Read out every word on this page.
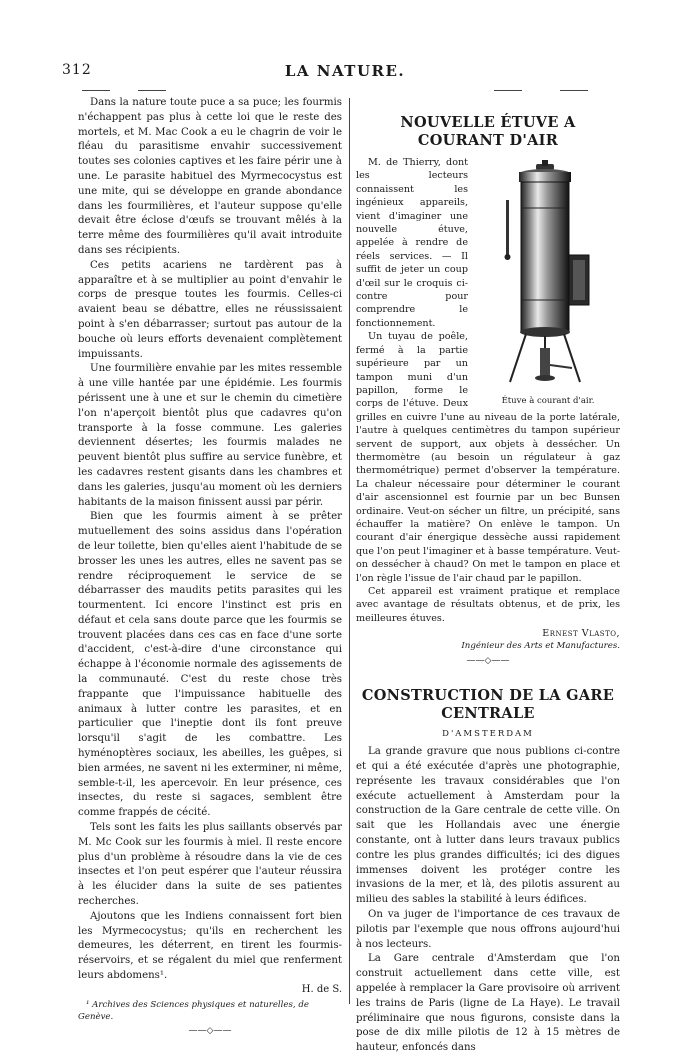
312	LA NATURE.

Dans la nature toute puce a sa puce; les fourmis n'échappent pas plus à cette loi que le reste des mortels, et M. Mac Cook a eu le chagrin de voir le fléau du parasitisme envahir successivement toutes ses colonies captives et les faire périr une à une. Le parasite habituel des Myrmecocystus est une mite, qui se développe en grande abondance dans les fourmilières, et l'auteur suppose qu'elle devait être éclose d'œufs se trouvant mêlés à la terre même des fourmilières qu'il avait introduite dans ses récipients.

Ces petits acariens ne tardèrent pas à apparaître et à se multiplier au point d'envahir le corps de presque toutes les fourmis. Celles-ci avaient beau se débattre, elles ne réussissaient point à s'en débarrasser; surtout pas autour de la bouche où leurs efforts devenaient complètement impuissants.

Une fourmilière envahie par les mites ressemble à une ville hantée par une épidémie. Les fourmis périssent une à une et sur le chemin du cimetière l'on n'aperçoit bientôt plus que cadavres qu'on transporte à la fosse commune. Les galeries deviennent désertes; les fourmis malades ne peuvent bientôt plus suffire au service funèbre, et les cadavres restent gisants dans les chambres et dans les galeries, jusqu'au moment où les derniers habitants de la maison finissent aussi par périr.

Bien que les fourmis aiment à se prêter mutuellement des soins assidus dans l'opération de leur toilette, bien qu'elles aient l'habitude de se brosser les unes les autres, elles ne savent pas se rendre réciproquement le service de se débarrasser des maudits petits parasites qui les tourmentent. Ici encore l'instinct est pris en défaut et cela sans doute parce que les fourmis se trouvent placées dans ces cas en face d'une sorte d'accident, c'est-à-dire d'une circonstance qui échappe à l'économie normale des agissements de la communauté. C'est du reste chose très frappante que l'impuissance habituelle des animaux à lutter contre les parasites, et en particulier que l'ineptie dont ils font preuve lorsqu'il s'agit de les combattre. Les hyménoptères sociaux, les abeilles, les guêpes, si bien armées, ne savent ni les exterminer, ni même, semble-t-il, les apercevoir. En leur présence, ces insectes, du reste si sagaces, semblent être comme frappés de cécité.

Tels sont les faits les plus saillants observés par M. Mc Cook sur les fourmis à miel. Il reste encore plus d'un problème à résoudre dans la vie de ces insectes et l'on peut espérer que l'auteur réussira à les élucider dans la suite de ses patientes recherches.

Ajoutons que les Indiens connaissent fort bien les Myrmecocystus; qu'ils en recherchent les demeures, les déterrent, en tirent les fourmis-réservoirs, et se régalent du miel que renferment leurs abdomens¹.

H. de S.
¹ Archives des Sciences physiques et naturelles, de Genève.
——◇——
NOUVELLE ÉTUVE A COURANT D'AIR
Étuve à courant d'air.

M. de Thierry, dont les lecteurs connaissent les ingénieux appareils, vient d'imaginer une nouvelle étuve, appelée à rendre de réels services. — Il suffit de jeter un coup d'œil sur le croquis ci-contre pour comprendre le fonctionnement.

Un tuyau de poêle, fermé à la partie supérieure par un tampon muni d'un papillon, forme le corps de l'étuve. Deux grilles en cuivre l'une au niveau de la porte latérale, l'autre à quelques centimètres du tampon supérieur servent de support, aux objets à dessécher. Un thermomètre (au besoin un régulateur à gaz thermométrique) permet d'observer la température. La chaleur nécessaire pour déterminer le courant d'air ascensionnel est fournie par un bec Bunsen ordinaire. Veut-on sécher un filtre, un précipité, sans échauffer la matière? On enlève le tampon. Un courant d'air énergique dessèche aussi rapidement que l'on peut l'imaginer et à basse température. Veut-on dessécher à chaud? On met le tampon en place et l'on règle l'issue de l'air chaud par le papillon.

Cet appareil est vraiment pratique et remplace avec avantage de résultats obtenus, et de prix, les meilleures étuves.

Ernest Vlasto,
Ingénieur des Arts et Manufactures.
——◇——
CONSTRUCTION DE LA GARE CENTRALE
D'AMSTERDAM

La grande gravure que nous publions ci-contre et qui a été exécutée d'après une photographie, représente les travaux considérables que l'on exécute actuellement à Amsterdam pour la construction de la Gare centrale de cette ville. On sait que les Hollandais avec une énergie constante, ont à lutter dans leurs travaux publics contre les plus grandes difficultés; ici des digues immenses doivent les protéger contre les invasions de la mer, et là, des pilotis assurent au milieu des sables la stabilité à leurs édifices.

On va juger de l'importance de ces travaux de pilotis par l'exemple que nous offrons aujourd'hui à nos lecteurs.

La Gare centrale d'Amsterdam que l'on construit actuellement dans cette ville, est appelée à remplacer la Gare provisoire où arrivent les trains de Paris (ligne de La Haye). Le travail préliminaire que nous figurons, consiste dans la pose de dix mille pilotis de 12 à 15 mètres de hauteur, enfoncés dans
